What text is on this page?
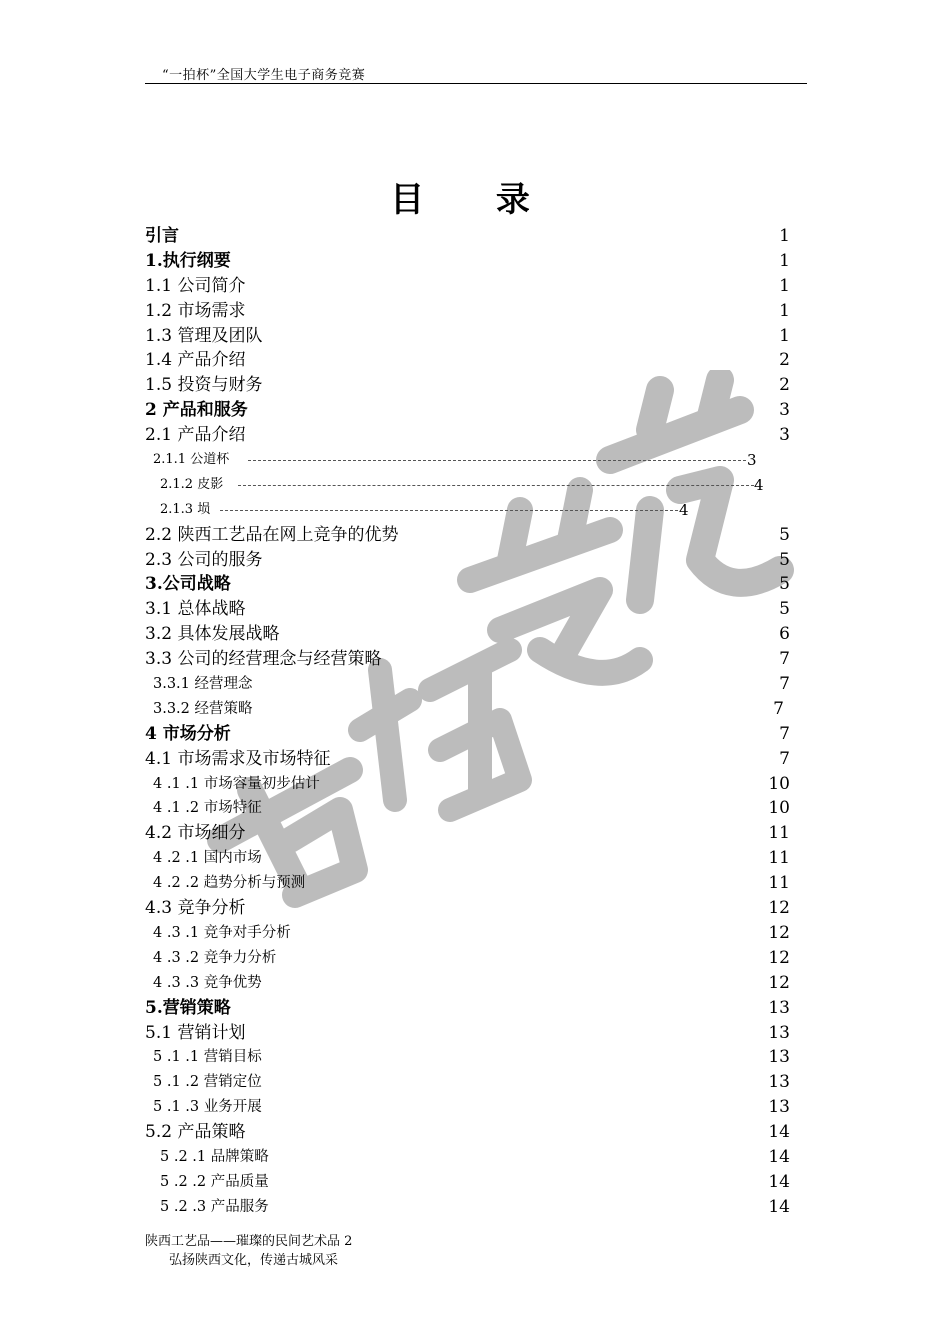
“一拍杯”全国大学生电子商务竞赛
目 录
引言	1
1.执行纲要	1
1.1 公司简介	1
1.2 市场需求	1
1.3 管理及团队	1
1.4 产品介绍	2
1.5 投资与财务	2
2 产品和服务	3
2.1 产品介绍	3
2.1.1 公道杯	3
2.1.2 皮影	4
2.1.3 埙	4
2.2 陕西工艺品在网上竞争的优势	5
2.3 公司的服务	5
3.公司战略	5
3.1 总体战略	5
3.2 具体发展战略	6
3.3 公司的经营理念与经营策略	7
3.3.1 经营理念	7
3.3.2 经营策略	7
4 市场分析	7
4.1 市场需求及市场特征	7
4 .1 .1 市场容量初步估计	10
4 .1 .2 市场特征	10
4.2 市场细分	11
4 .2 .1 国内市场	11
4 .2 .2 趋势分析与预测	11
4.3 竞争分析	12
4 .3 .1 竞争对手分析	12
4 .3 .2 竞争力分析	12
4 .3 .3 竞争优势	12
5.营销策略	13
5.1 营销计划	13
5 .1 .1 营销目标	13
5 .1 .2 营销定位	13
5 .1 .3 业务开展	13
5.2 产品策略	14
5 .2 .1 品牌策略	14
5 .2 .2 产品质量	14
5 .2 .3 产品服务	14
陕西工艺品——璀璨的民间艺术品 2
弘扬陕西文化，传递古城风采
